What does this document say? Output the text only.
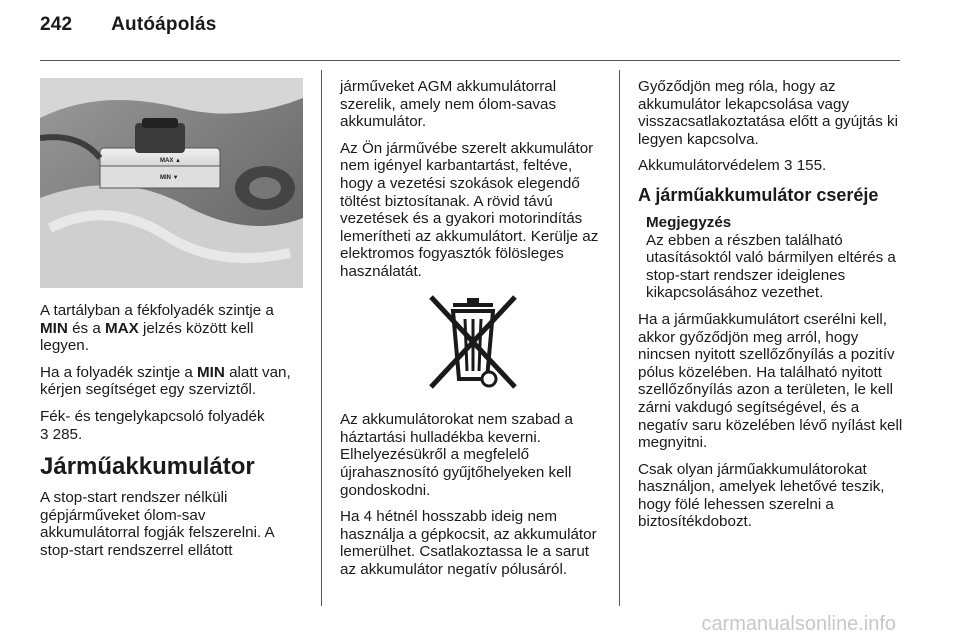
242 Autóápolás
MAX ▲
MIN ▼

A tartályban a fékfolyadék szintje a
MIN és a MAX jelzés között kell legyen.

Ha a folyadék szintje a MIN alatt van, kérjen segítséget egy szerviztől.

Fék- és tengelykapcsoló folyadék
3 285.

Járműakkumulátor

A stop-start rendszer nélküli gépjárműveket ólom-sav akkumulátorral fogják felszerelni. A stop-start rendszerrel ellátott

járműveket AGM akkumulátorral szerelik, amely nem ólom-savas akkumulátor.

Az Ön járművébe szerelt akkumulátor nem igényel karbantartást, feltéve, hogy a vezetési szokások elegendő töltést biztosítanak. A rövid távú vezetések és a gyakori motorindítás lemerítheti az akkumulátort. Kerülje az elektromos fogyasztók fölösleges használatát.

Az akkumulátorokat nem szabad a háztartási hulladékba keverni. Elhelyezésükről a megfelelő újrahasznosító gyűjtőhelyeken kell gondoskodni.

Ha 4 hétnél hosszabb ideig nem használja a gépkocsit, az akkumulátor lemerülhet. Csatlakoztassa le a sarut az akkumulátor negatív pólusáról.

Győződjön meg róla, hogy az akkumulátor lekapcsolása vagy visszacsatlakoztatása előtt a gyújtás ki legyen kapcsolva.

Akkumulátorvédelem 3 155.

A járműakkumulátor cseréje
Megjegyzés
Az ebben a részben található utasításoktól való bármilyen eltérés a stop-start rendszer ideiglenes kikapcsolásához vezethet.

Ha a járműakkumulátort cserélni kell, akkor győződjön meg arról, hogy nincsen nyitott szellőzőnyílás a pozitív pólus közelében. Ha található nyitott szellőzőnyílás azon a területen, le kell zárni vakdugó segítségével, és a negatív saru közelében lévő nyílást kell megnyitni.

Csak olyan járműakkumulátorokat használjon, amelyek lehetővé teszik, hogy fölé lehessen szerelni a biztosítékdobozt.

carmanualsonline.info
